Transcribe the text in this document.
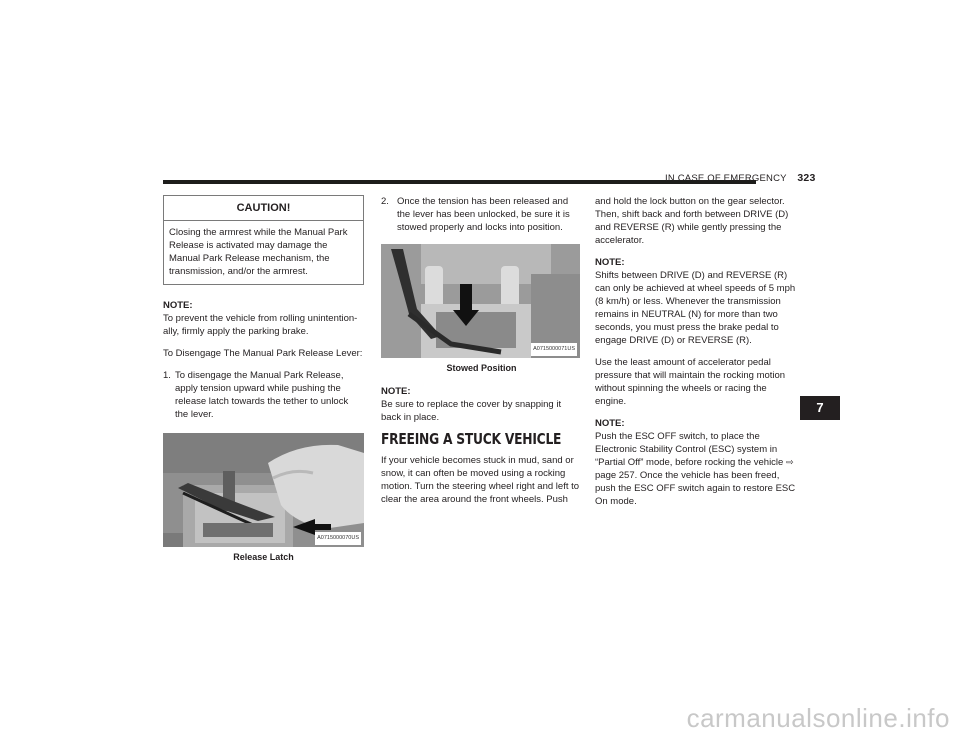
IN CASE OF EMERGENCY 323
CAUTION!
Closing the armrest while the Manual Park Release is activated may damage the Manual Park Release mechanism, the transmission, and/or the armrest.

NOTE:
To prevent the vehicle from rolling unintention-ally, firmly apply the parking brake.

To Disengage The Manual Park Release Lever:

1. To disengage the Manual Park Release, apply tension upward while pushing the release latch towards the tether to unlock the lever.
A0715000070US
Release Latch
2. Once the tension has been released and the lever has been unlocked, be sure it is stowed properly and locks into position.
A0715000071US
Stowed Position

NOTE:
Be sure to replace the cover by snapping it back in place.

FREEING A STUCK VEHICLE

If your vehicle becomes stuck in mud, sand or snow, it can often be moved using a rocking motion. Turn the steering wheel right and left to clear the area around the front wheels. Push

and hold the lock button on the gear selector. Then, shift back and forth between DRIVE (D) and REVERSE (R) while gently pressing the accelerator.

NOTE:
Shifts between DRIVE (D) and REVERSE (R) can only be achieved at wheel speeds of 5 mph (8 km/h) or less. Whenever the transmission remains in NEUTRAL (N) for more than two seconds, you must press the brake pedal to engage DRIVE (D) or REVERSE (R).

Use the least amount of accelerator pedal pressure that will maintain the rocking motion without spinning the wheels or racing the engine.

NOTE:
Push the ESC OFF switch, to place the Electronic Stability Control (ESC) system in “Partial Off” mode, before rocking the vehicle ⇨ page 257. Once the vehicle has been freed, push the ESC OFF switch again to restore ESC On mode.

7
carmanualsonline.info
